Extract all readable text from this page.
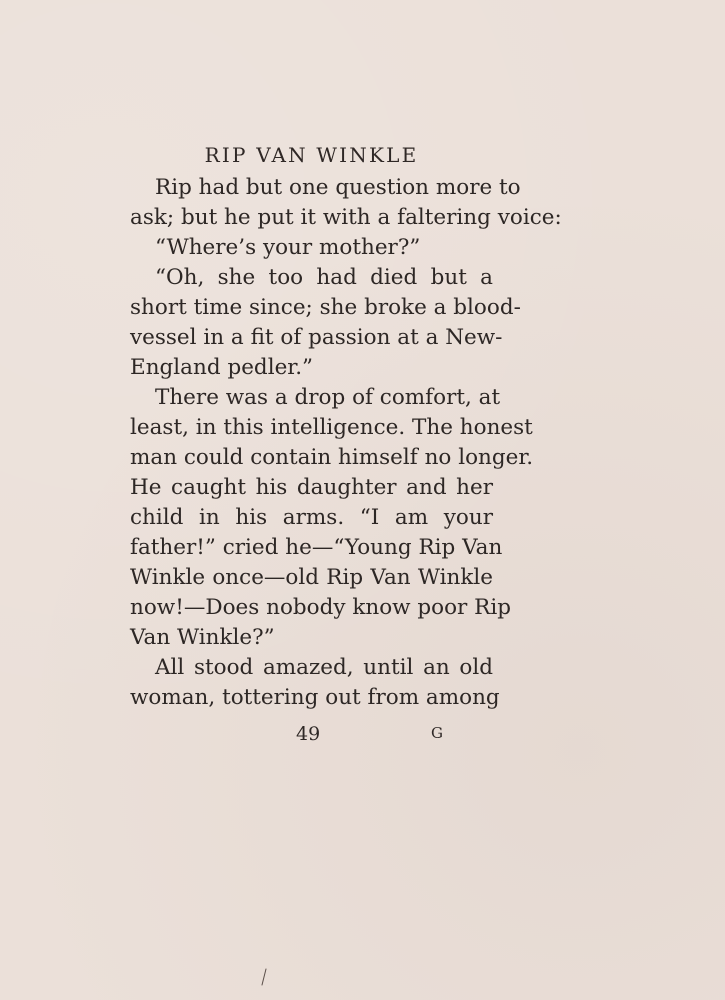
RIP VAN WINKLE
Rip had but one question more to
ask; but he put it with a faltering voice:
“Where’s your mother?”
“Oh, she too had died but a
short time since; she broke a blood-
vessel in a fit of passion at a New-
England pedler.”
There was a drop of comfort, at
least, in this intelligence. The honest
man could contain himself no longer.
He caught his daughter and her
child in his arms. “I am your
father!” cried he—“Young Rip Van
Winkle once—old Rip Van Winkle
now!—Does nobody know poor Rip
Van Winkle?”
All stood amazed, until an old
woman, tottering out from among
49	G
